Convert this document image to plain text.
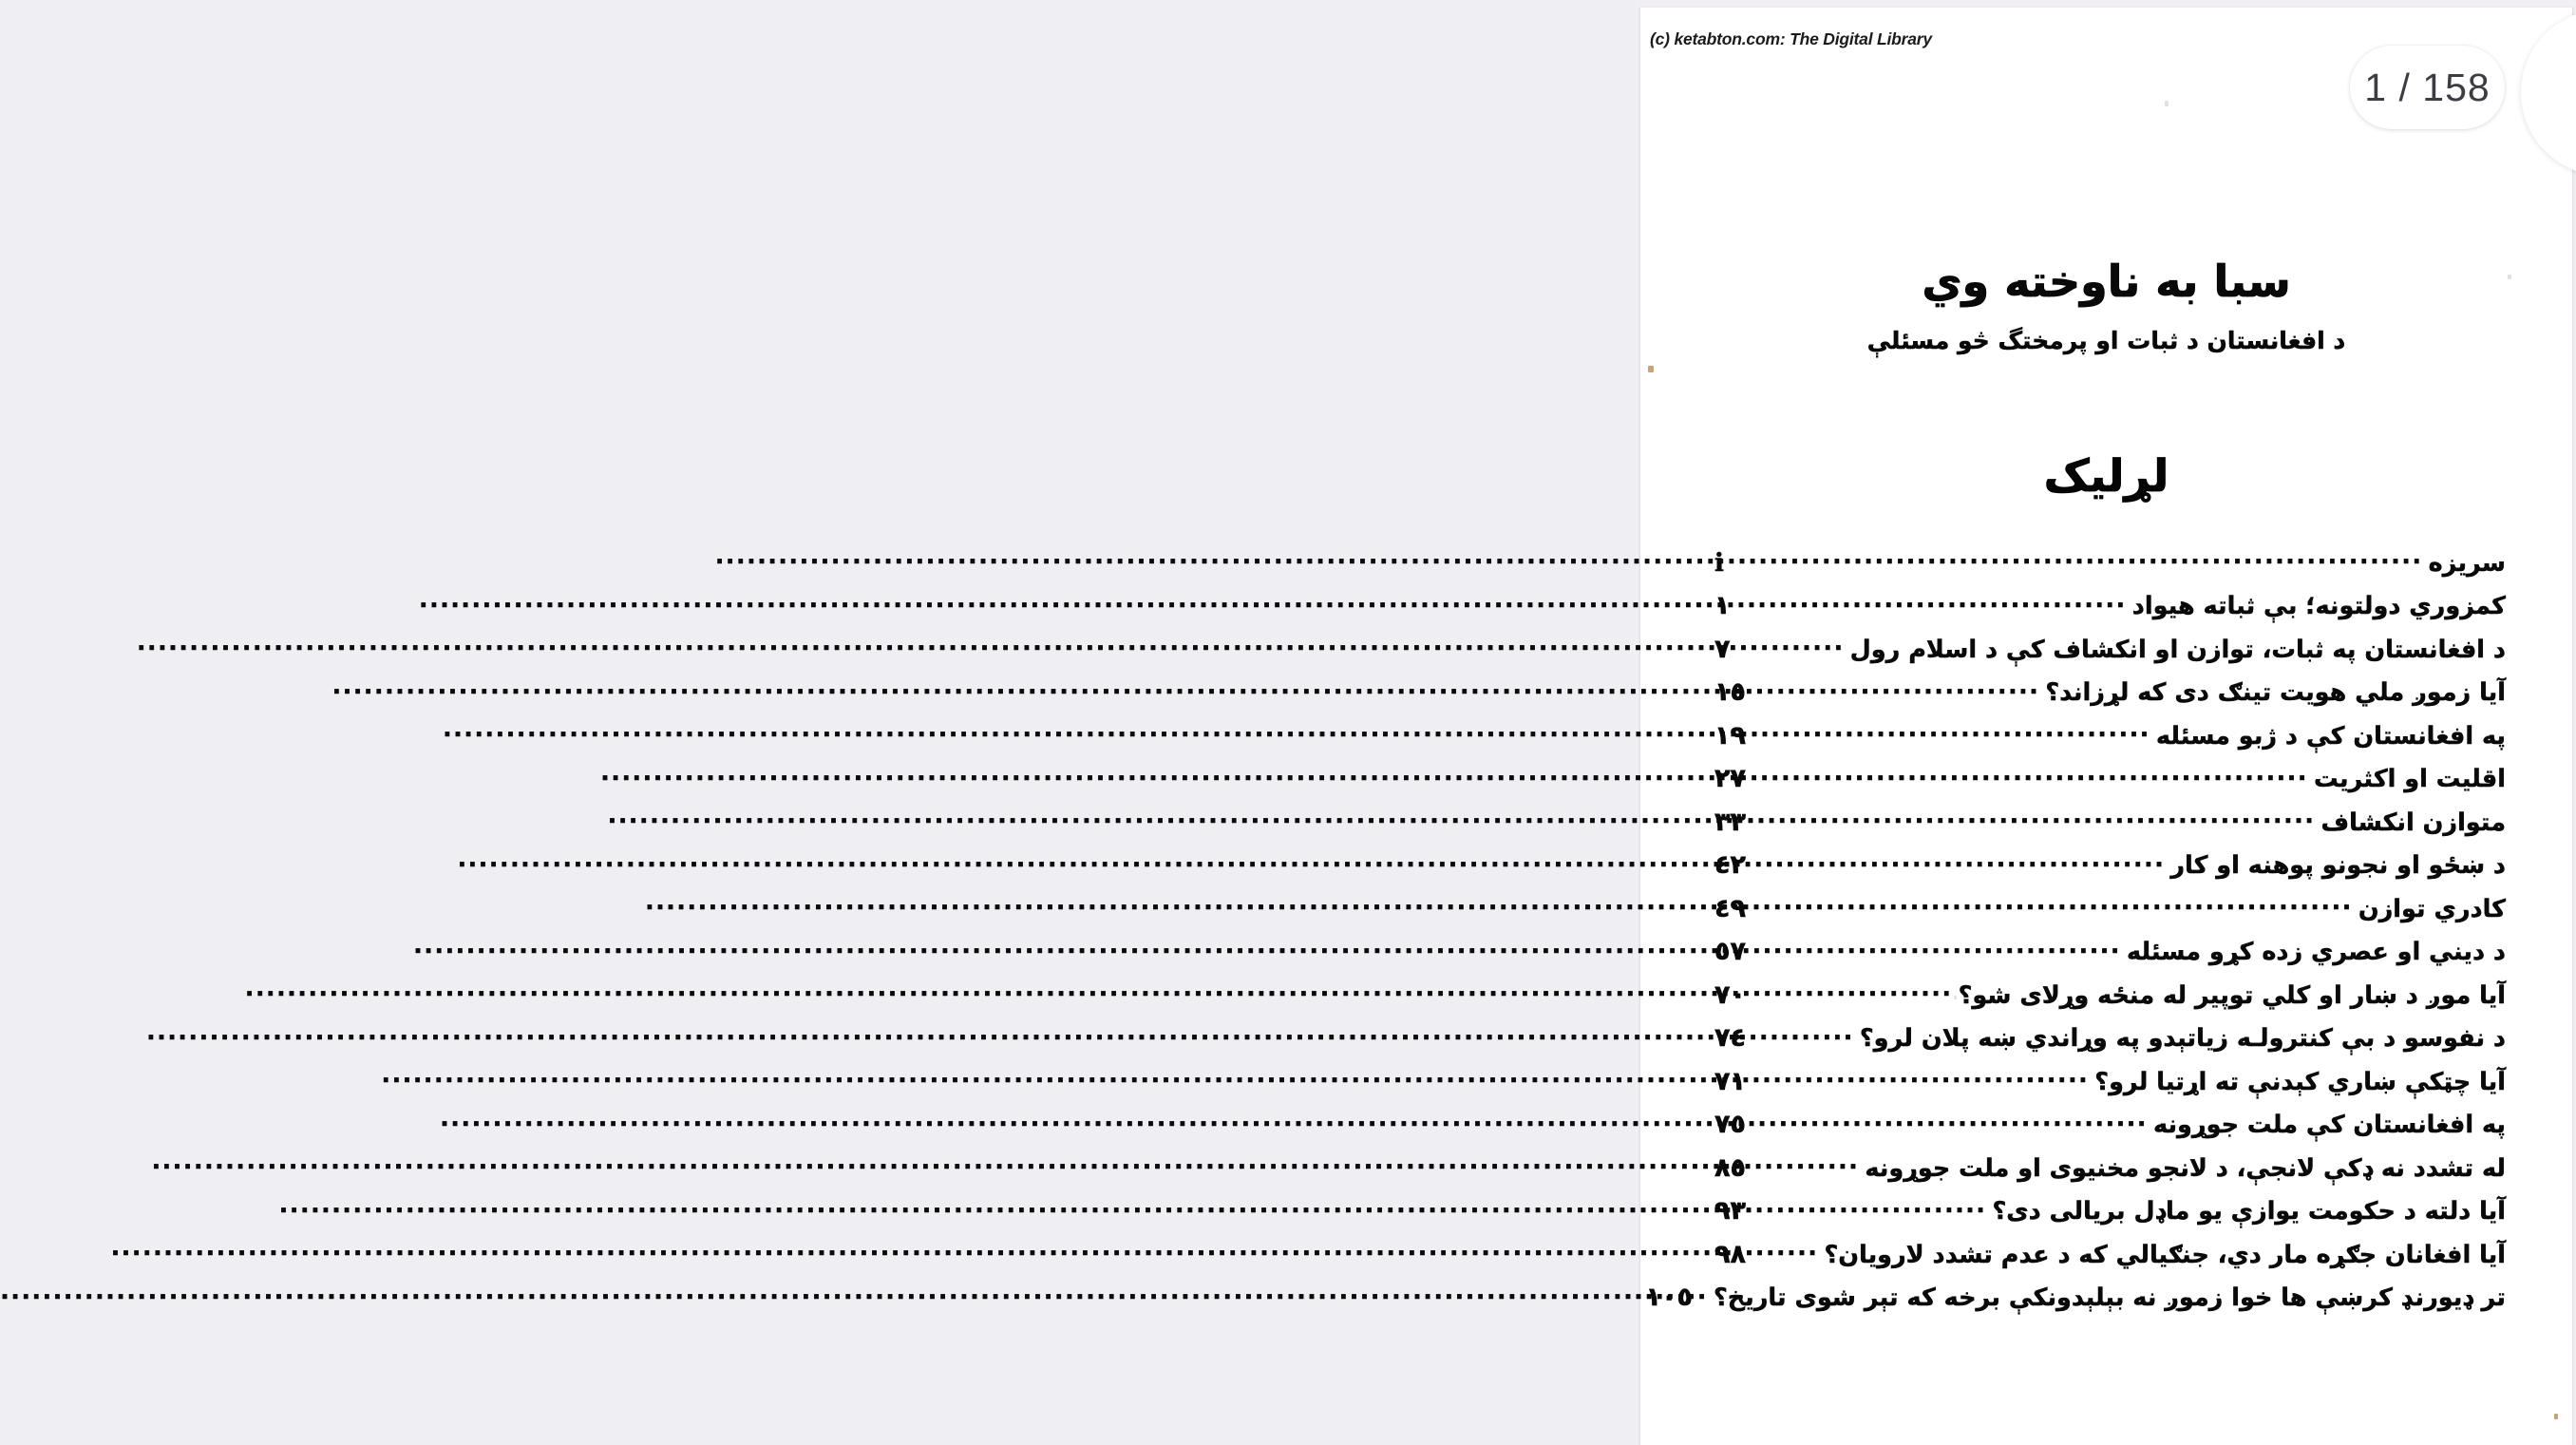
(c) ketabton.com: The Digital Library
سبا به ناوخته وي
د افغانستان د ثبات او پرمختگ څو مسئلې
لړليک
سريزه
.....
i
کمزوري دولتونه؛ بې ثباته هيواد
.....
١
د افغانستان په ثبات، توازن او انکشاف کې د اسلام رول
.....
٧
آيا زموږ ملي هويت تينګ دی که لړزاند؟
.....
١٥
په افغانستان کې د ژبو مسئله
.....
١٩
اقليت او اکثريت
.....
٢٧
متوازن انکشاف
.....
٣٣
د ښځو او نجونو پوهنه او کار
.....
٤٢
کادري توازن
.....
٤٩
د ديني او عصري زده کړو مسئله
.....
٥٧
آيا موږ د ښار او کلي توپير له منځه وړلای شو؟
.....
٧٠
د نفوسو د بې کنترولـه زياتېدو په وړاندي ښه پلان لرو؟
.....
٧٤
آيا چټکې ښاري کېدنې ته اړتيا لرو؟
.....
٧١
په افغانستان کې ملت جوړونه
.....
٧٥
له تشدد نه ډکې لانجې، د لانجو مخنيوی او ملت جوړونه
.....
٨٥
آيا دلته د حکومت يوازې يو ماډل بريالی دی؟
.....
٩٣
آيا افغانان جګړه مار دي، جنګيالي که د عدم تشدد لارويان؟
.....
٩٨
تر ډيورنډ کرښې ها خوا زموږ نه بېلېدونکې برخه که تېر شوی تاريخ؟
.....
١٠٥
1 / 158
